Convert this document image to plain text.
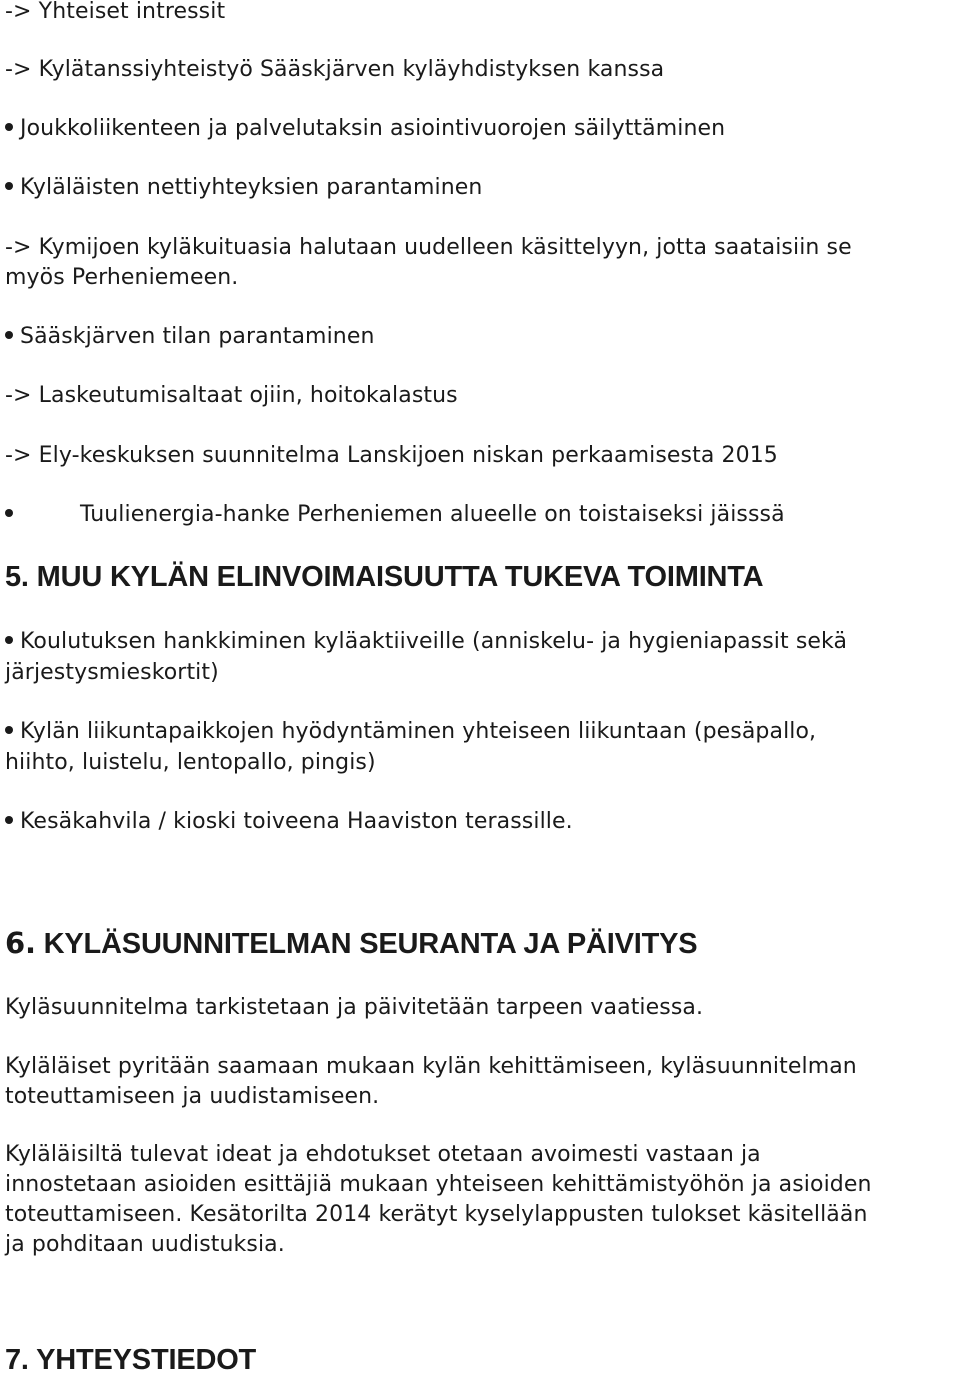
-> Yhteiset intressit
-> Kylätanssiyhteistyö Sääskjärven kyläyhdistyksen kanssa
Joukkoliikenteen ja palvelutaksin asiointivuorojen säilyttäminen
Kyläläisten nettiyhteyksien parantaminen
-> Kymijoen kyläkuituasia halutaan uudelleen käsittelyyn, jotta saataisiin se
myös Perheniemeen.
Sääskjärven tilan parantaminen
-> Laskeutumisaltaat ojiin, hoitokalastus
-> Ely-keskuksen suunnitelma Lanskijoen niskan perkaamisesta 2015
Tuulienergia-hanke Perheniemen alueelle on toistaiseksi jäisssä
5. MUU KYLÄN ELINVOIMAISUUTTA TUKEVA TOIMINTA
Koulutuksen hankkiminen kyläaktiiveille (anniskelu- ja hygieniapassit sekä
järjestysmieskortit)
Kylän liikuntapaikkojen hyödyntäminen yhteiseen liikuntaan (pesäpallo,
hiihto, luistelu, lentopallo, pingis)
Kesäkahvila / kioski toiveena Haaviston terassille.
6. KYLÄSUUNNITELMAN SEURANTA JA PÄIVITYS
Kyläsuunnitelma tarkistetaan ja päivitetään tarpeen vaatiessa.
Kyläläiset pyritään saamaan mukaan kylän kehittämiseen, kyläsuunnitelman
toteuttamiseen ja uudistamiseen.
Kyläläisiltä tulevat ideat ja ehdotukset otetaan avoimesti vastaan ja
innostetaan asioiden esittäjiä mukaan yhteiseen kehittämistyöhön ja asioiden
toteuttamiseen. Kesätorilta 2014 kerätyt kyselylappusten tulokset käsitellään
ja pohditaan uudistuksia.
7. YHTEYSTIEDOT
